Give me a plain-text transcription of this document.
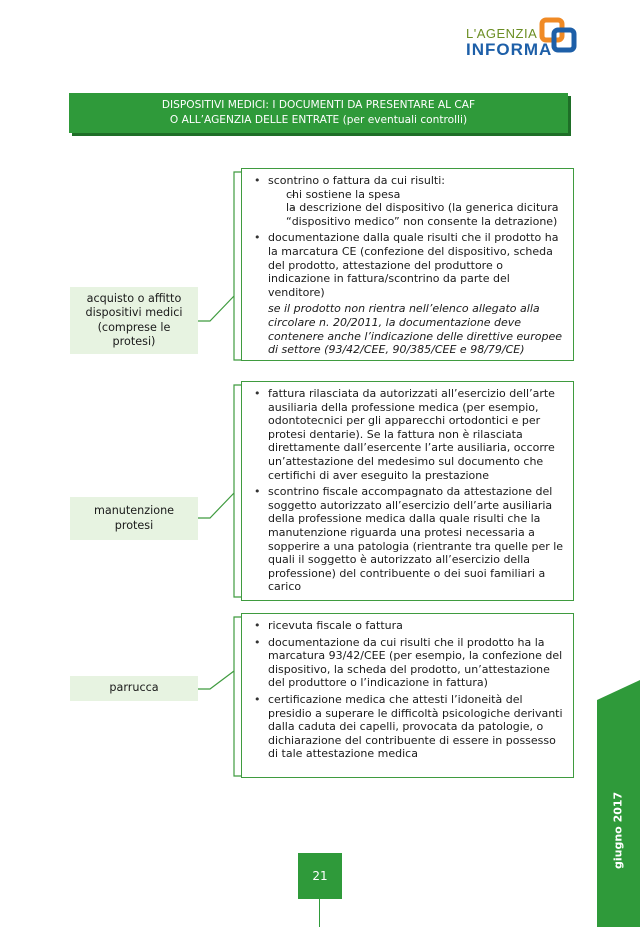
L'AGENZIA
INFORMA
DISPOSITIVI MEDICI: I DOCUMENTI DA PRESENTARE AL CAF
O ALL’AGENZIA DELLE ENTRATE (per eventuali controlli)
acquisto o affitto
dispositivi medici
(comprese le
protesi)
• scontrino o fattura da cui risulti:
– chi sostiene la spesa
– la descrizione del dispositivo (la generica dicitura “dispositivo medico” non consente la detrazione)
• documentazione dalla quale risulti che il prodotto ha la marcatura CE (confezione del dispositivo, scheda del prodotto, attestazione del produttore o indicazione in fattura/scontrino da parte del venditore)
se il prodotto non rientra nell’elenco allegato alla circolare n. 20/2011, la documentazione deve contenere anche l’indicazione delle direttive europee di settore (93/42/CEE, 90/385/CEE e 98/79/CE)
manutenzione
protesi
• fattura rilasciata da autorizzati all’esercizio dell’arte ausiliaria della professione medica (per esempio, odontotecnici per gli apparecchi ortodontici e per protesi dentarie). Se la fattura non è rilasciata direttamente dall’esercente l’arte ausiliaria, occorre un’attestazione del medesimo sul documento che certifichi di aver eseguito la prestazione
• scontrino fiscale accompagnato da attestazione del soggetto autorizzato all’esercizio dell’arte ausiliaria della professione medica dalla quale risulti che la manutenzione riguarda una protesi necessaria a sopperire a una patologia (rientrante tra quelle per le quali il soggetto è autorizzato all’esercizio della professione) del contribuente o dei suoi familiari a carico
parrucca
• ricevuta fiscale o fattura
• documentazione da cui risulti che il prodotto ha la marcatura 93/42/CEE (per esempio, la confezione del dispositivo, la scheda del prodotto, un’attestazione del produttore o l’indicazione in fattura)
• certificazione medica che attesti l’idoneità del presidio a superare le difficoltà psicologiche derivanti dalla caduta dei capelli, provocata da patologie, o dichiarazione del contribuente di essere in possesso di tale attestazione medica
21
giugno 2017
